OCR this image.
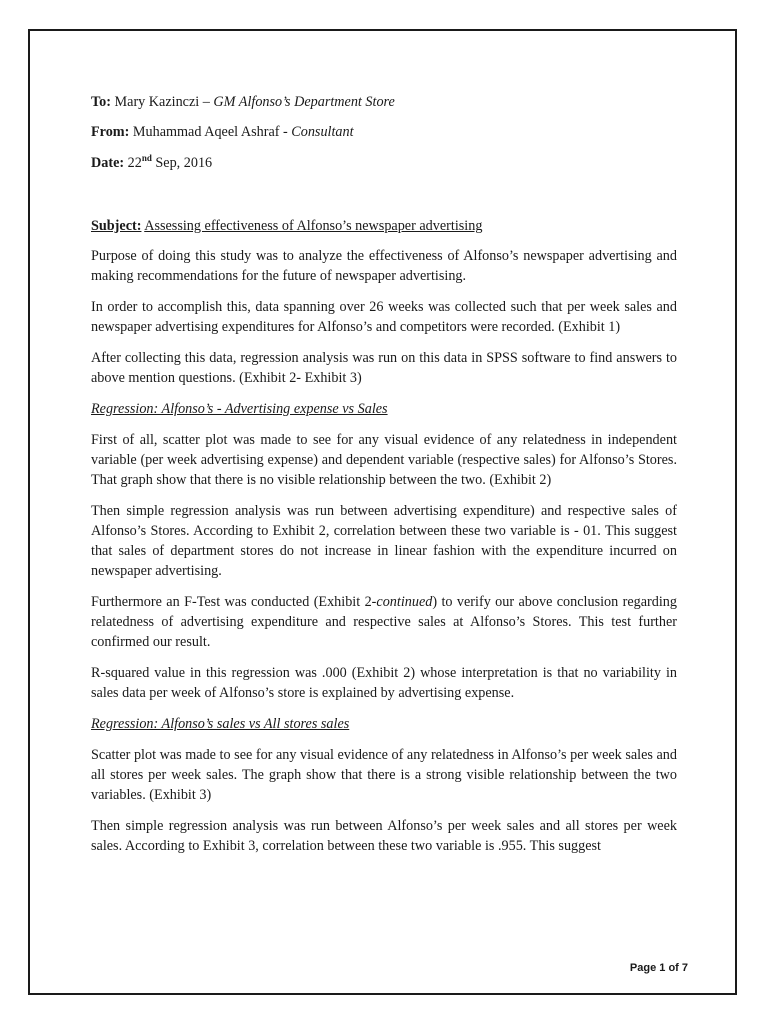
To: Mary Kazinczi – GM Alfonso’s Department Store
From: Muhammad Aqeel Ashraf - Consultant
Date: 22nd Sep, 2016
Subject: Assessing effectiveness of Alfonso’s newspaper advertising

Purpose of doing this study was to analyze the effectiveness of Alfonso’s newspaper advertising and making recommendations for the future of newspaper advertising.

In order to accomplish this, data spanning over 26 weeks was collected such that per week sales and newspaper advertising expenditures for Alfonso’s and competitors were recorded. (Exhibit 1)

After collecting this data, regression analysis was run on this data in SPSS software to find answers to above mention questions. (Exhibit 2- Exhibit 3)

Regression: Alfonso’s - Advertising expense vs Sales

First of all, scatter plot was made to see for any visual evidence of any relatedness in independent variable (per week advertising expense) and dependent variable (respective sales) for Alfonso’s Stores. That graph show that there is no visible relationship between the two. (Exhibit 2)

Then simple regression analysis was run between advertising expenditure) and respective sales of Alfonso’s Stores. According to Exhibit 2, correlation between these two variable is - 01. This suggest that sales of department stores do not increase in linear fashion with the expenditure incurred on newspaper advertising.

Furthermore an F-Test was conducted (Exhibit 2-continued) to verify our above conclusion regarding relatedness of advertising expenditure and respective sales at Alfonso’s Stores. This test further confirmed our result.

R-squared value in this regression was .000 (Exhibit 2) whose interpretation is that no variability in sales data per week of Alfonso’s store is explained by advertising expense.

Regression: Alfonso’s sales vs All stores sales

Scatter plot was made to see for any visual evidence of any relatedness in Alfonso’s per week sales and all stores per week sales. The graph show that there is a strong visible relationship between the two variables. (Exhibit 3)

Then simple regression analysis was run between Alfonso’s per week sales and all stores per week sales. According to Exhibit 3, correlation between these two variable is .955. This suggest

Page 1 of 7
